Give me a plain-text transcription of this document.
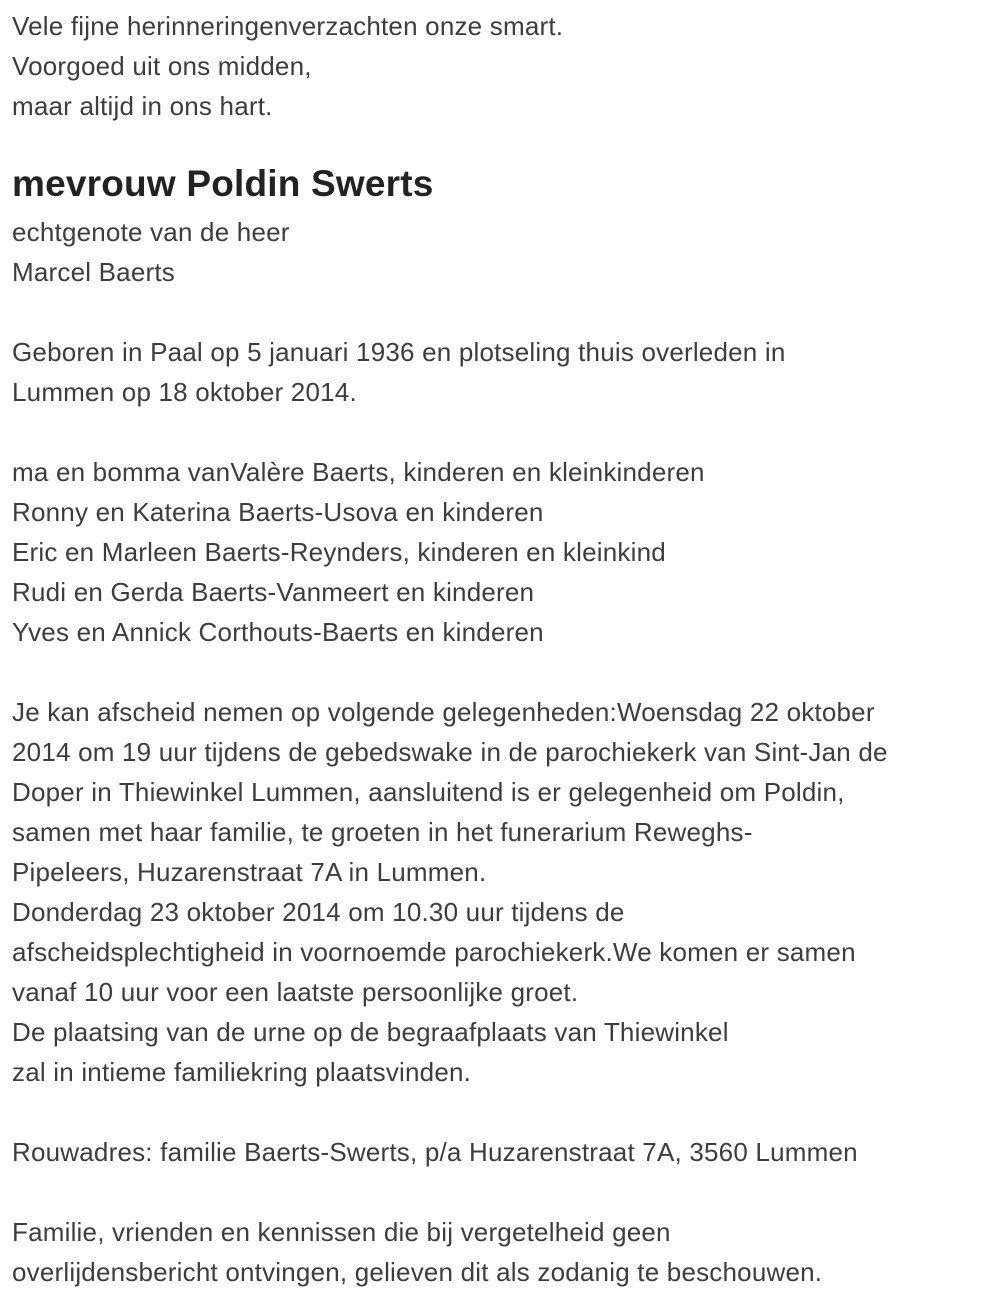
Vele fijne herinneringenverzachten onze smart.
Voorgoed uit ons midden,
maar altijd in ons hart.
mevrouw Poldin Swerts
echtgenote van de heer
Marcel Baerts
Geboren in Paal op 5 januari 1936 en plotseling thuis overleden in
Lummen op 18 oktober 2014.
ma en bomma vanValère Baerts, kinderen en kleinkinderen
Ronny en Katerina Baerts-Usova en kinderen
Eric en Marleen Baerts-Reynders, kinderen en kleinkind
Rudi en Gerda Baerts-Vanmeert en kinderen
Yves en Annick Corthouts-Baerts en kinderen
Je kan afscheid nemen op volgende gelegenheden:Woensdag 22 oktober
2014 om 19 uur tijdens de gebedswake in de parochiekerk van Sint-Jan de
Doper in Thiewinkel Lummen, aansluitend is er gelegenheid om Poldin,
samen met haar familie, te groeten in het funerarium Reweghs-
Pipeleers, Huzarenstraat 7A in Lummen.
Donderdag 23 oktober 2014 om 10.30 uur tijdens de
afscheidsplechtigheid in voornoemde parochiekerk.We komen er samen
vanaf 10 uur voor een laatste persoonlijke groet.
De plaatsing van de urne op de begraafplaats van Thiewinkel
zal in intieme familiekring plaatsvinden.
Rouwadres: familie Baerts-Swerts, p/a Huzarenstraat 7A, 3560 Lummen
Familie, vrienden en kennissen die bij vergetelheid geen
overlijdensbericht ontvingen, gelieven dit als zodanig te beschouwen.
